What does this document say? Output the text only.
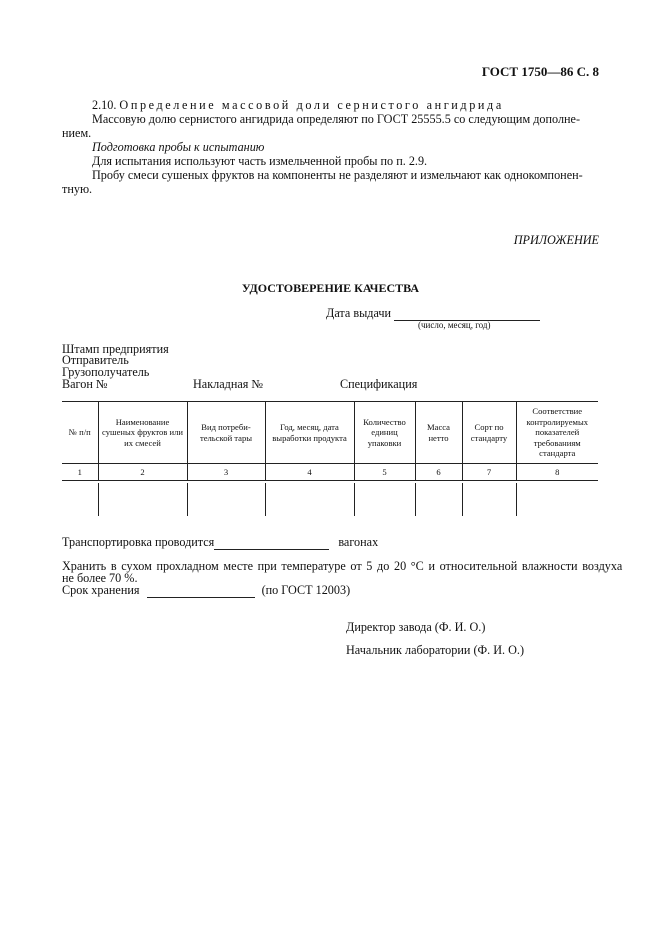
ГОСТ 1750—86 С. 8
2.10. Определение массовой доли сернистого ангидрида
Массовую долю сернистого ангидрида определяют по ГОСТ 25555.5 со следующим дополне-
нием.
Подготовка пробы к испытанию
Для испытания используют часть измельченной пробы по п. 2.9.
Пробу смеси сушеных фруктов на компоненты не разделяют и измельчают как однокомпонен-
тную.
ПРИЛОЖЕНИЕ
УДОСТОВЕРЕНИЕ КАЧЕСТВА
Дата выдачи
(число, месяц, год)
Штамп предприятия
Отправитель
Грузополучатель
Вагон №	Накладная №	Спецификация
№ п/п	Наименование сушеных фруктов или их смесей	Вид потреби-тельской тары	Год, месяц, дата выработки продукта	Количество единиц упаковки	Масса нетто	Сорт по стандарту	Соответствие контролируемых показателей требованиям стандарта
1	2	3	4	5	6	7	8

Транспортировка проводится	вагонах
Хранить в сухом прохладном месте при температуре от 5 до 20 °С и относительной влажности воздуха
не более 70 %.
Срок хранения	(по ГОСТ 12003)
Директор завода (Ф. И. О.)
Начальник лаборатории (Ф. И. О.)
